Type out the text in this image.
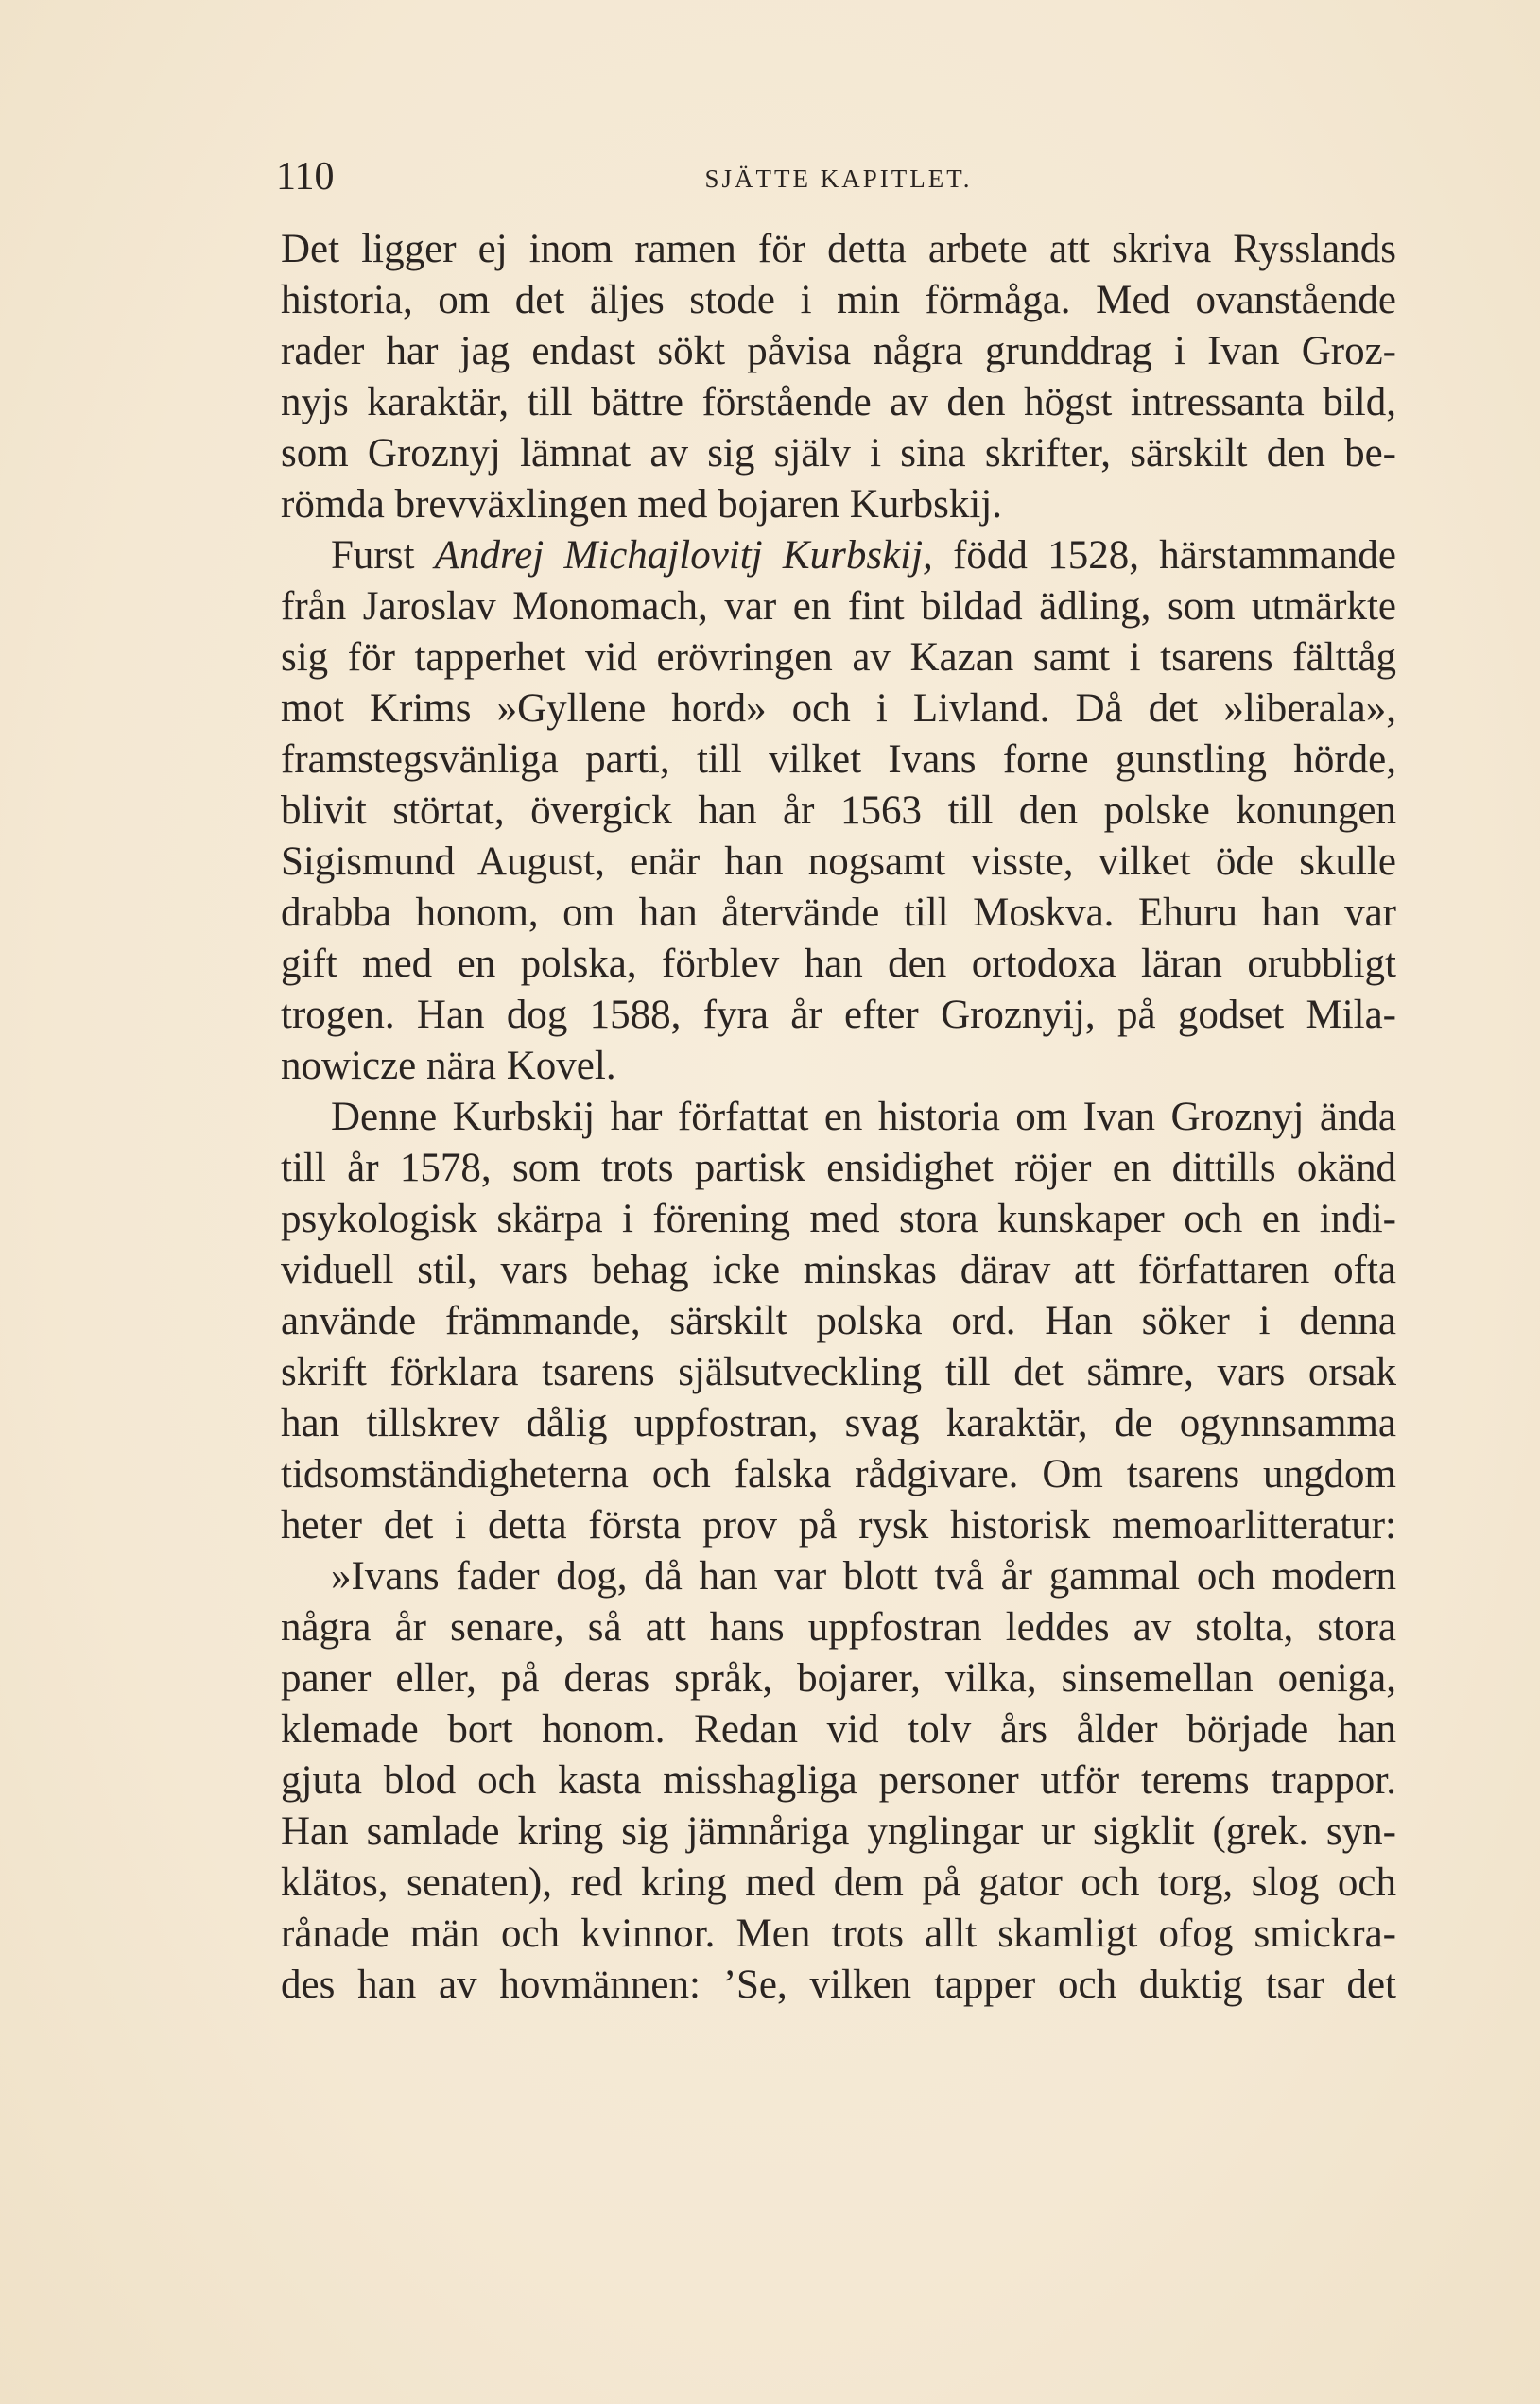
110	SJÄTTE KAPITLET.
Det ligger ej inom ramen för detta arbete att skriva Rysslands
historia, om det äljes stode i min förmåga. Med ovanstående
rader har jag endast sökt påvisa några grunddrag i Ivan Groz-
nyjs karaktär, till bättre förstående av den högst intressanta bild,
som Groznyj lämnat av sig själv i sina skrifter, särskilt den be-
römda brevväxlingen med bojaren Kurbskij.
Furst Andrej Michajlovitj Kurbskij, född 1528, härstammande
från Jaroslav Monomach, var en fint bildad ädling, som utmärkte
sig för tapperhet vid erövringen av Kazan samt i tsarens fälttåg
mot Krims »Gyllene hord» och i Livland. Då det »liberala»,
framstegsvänliga parti, till vilket Ivans forne gunstling hörde,
blivit störtat, övergick han år 1563 till den polske konungen
Sigismund August, enär han nogsamt visste, vilket öde skulle
drabba honom, om han återvände till Moskva. Ehuru han var
gift med en polska, förblev han den ortodoxa läran orubbligt
trogen. Han dog 1588, fyra år efter Groznyij, på godset Mila-
nowicze nära Kovel.
Denne Kurbskij har författat en historia om Ivan Groznyj ända
till år 1578, som trots partisk ensidighet röjer en dittills okänd
psykologisk skärpa i förening med stora kunskaper och en indi-
viduell stil, vars behag icke minskas därav att författaren ofta
använde främmande, särskilt polska ord. Han söker i denna
skrift förklara tsarens själsutveckling till det sämre, vars orsak
han tillskrev dålig uppfostran, svag karaktär, de ogynnsamma
tidsomständigheterna och falska rådgivare. Om tsarens ungdom
heter det i detta första prov på rysk historisk memoarlitteratur:
»Ivans fader dog, då han var blott två år gammal och modern
några år senare, så att hans uppfostran leddes av stolta, stora
paner eller, på deras språk, bojarer, vilka, sinsemellan oeniga,
klemade bort honom. Redan vid tolv års ålder började han
gjuta blod och kasta misshagliga personer utför terems trappor.
Han samlade kring sig jämnåriga ynglingar ur sigklit (grek. syn-
klätos, senaten), red kring med dem på gator och torg, slog och
rånade män och kvinnor. Men trots allt skamligt ofog smickra-
des han av hovmännen: ’Se, vilken tapper och duktig tsar det
